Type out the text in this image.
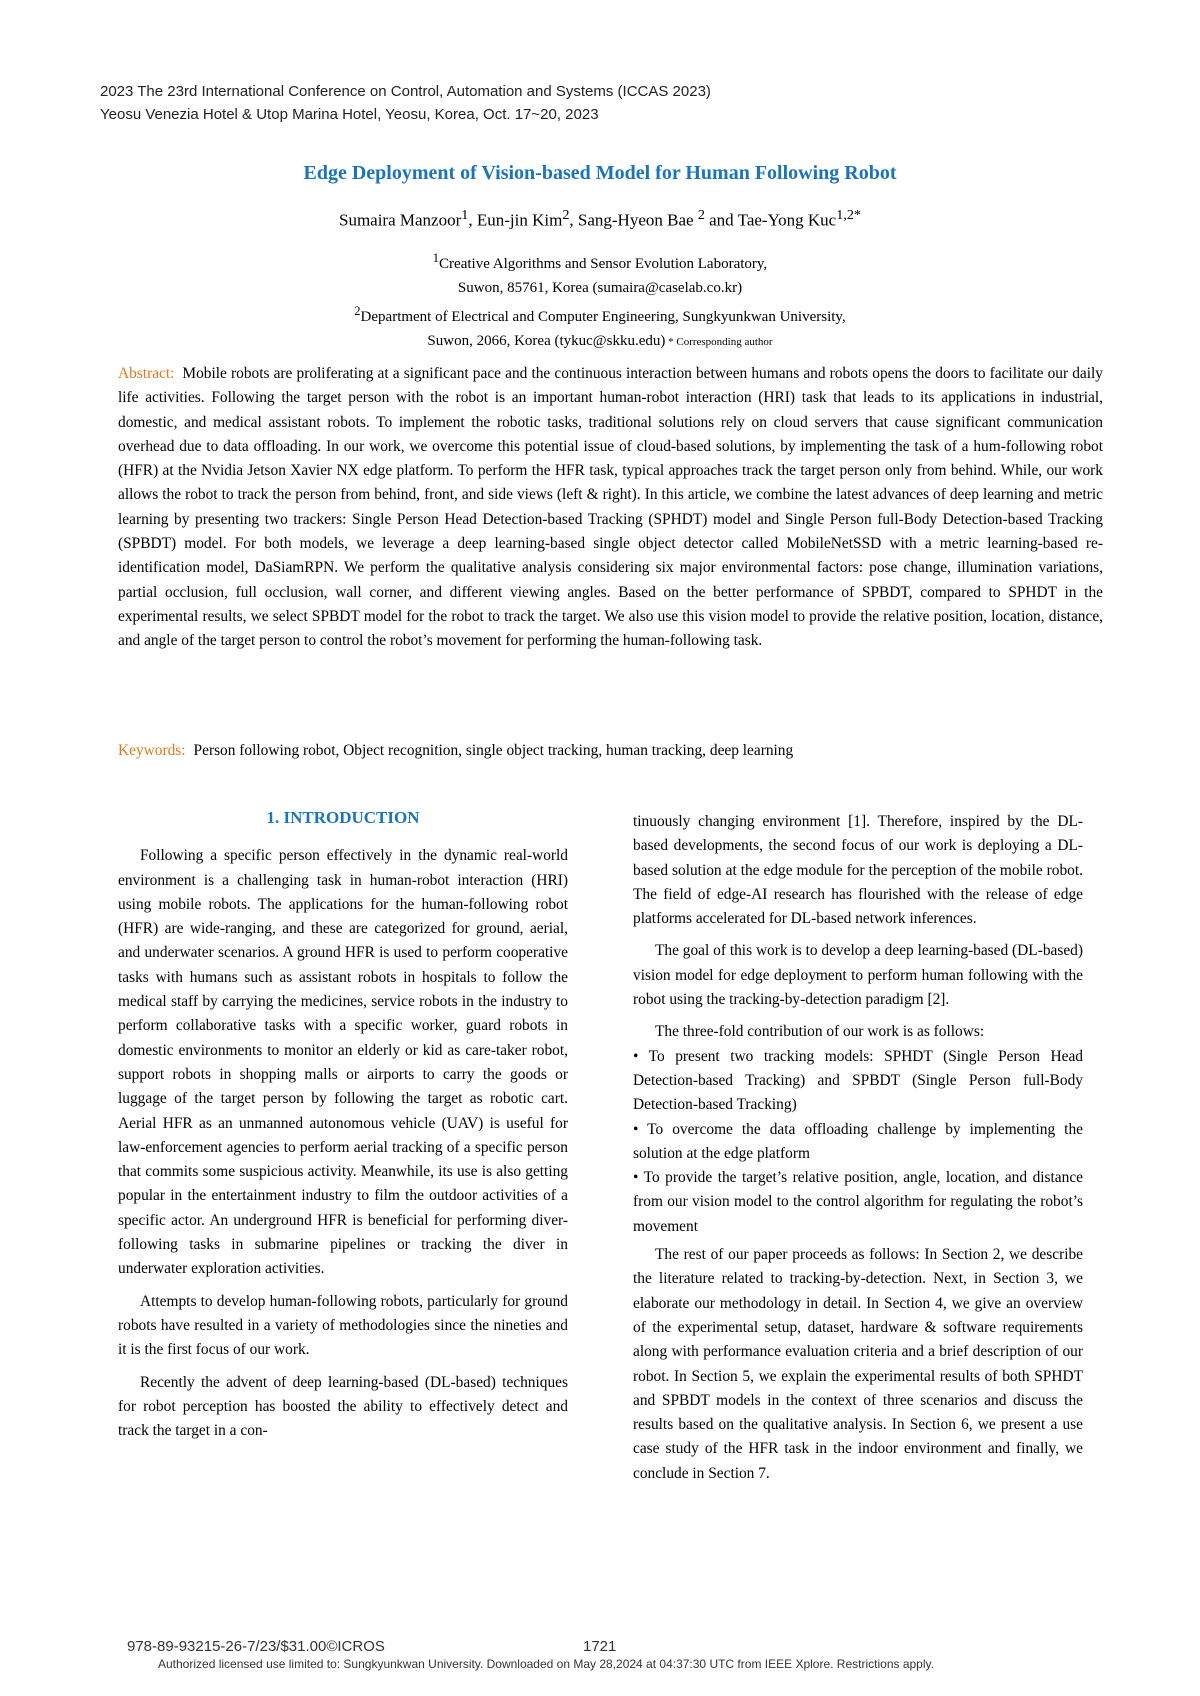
2023 The 23rd International Conference on Control, Automation and Systems (ICCAS 2023)
Yeosu Venezia Hotel & Utop Marina Hotel, Yeosu, Korea, Oct. 17~20, 2023
Edge Deployment of Vision-based Model for Human Following Robot
Sumaira Manzoor$^1$, Eun-jin Kim$^2$, Sang-Hyeon Bae $^2$ and Tae-Yong Kuc$^{1,2*}$
$^1$Creative Algorithms and Sensor Evolution Laboratory,
Suwon, 85761, Korea (sumaira@caselab.co.kr)
$^2$Department of Electrical and Computer Engineering, Sungkyunkwan University,
Suwon, 2066, Korea (tykuc@skku.edu) * Corresponding author
Abstract: Mobile robots are proliferating at a significant pace and the continuous interaction between humans and robots opens the doors to facilitate our daily life activities. Following the target person with the robot is an important human-robot interaction (HRI) task that leads to its applications in industrial, domestic, and medical assistant robots. To implement the robotic tasks, traditional solutions rely on cloud servers that cause significant communication overhead due to data offloading. In our work, we overcome this potential issue of cloud-based solutions, by implementing the task of a hum-following robot (HFR) at the Nvidia Jetson Xavier NX edge platform. To perform the HFR task, typical approaches track the target person only from behind. While, our work allows the robot to track the person from behind, front, and side views (left & right). In this article, we combine the latest advances of deep learning and metric learning by presenting two trackers: Single Person Head Detection-based Tracking (SPHDT) model and Single Person full-Body Detection-based Tracking (SPBDT) model. For both models, we leverage a deep learning-based single object detector called MobileNetSSD with a metric learning-based re-identification model, DaSiamRPN. We perform the qualitative analysis considering six major environmental factors: pose change, illumination variations, partial occlusion, full occlusion, wall corner, and different viewing angles. Based on the better performance of SPBDT, compared to SPHDT in the experimental results, we select SPBDT model for the robot to track the target. We also use this vision model to provide the relative position, location, distance, and angle of the target person to control the robot’s movement for performing the human-following task.
Keywords: Person following robot, Object recognition, single object tracking, human tracking, deep learning
1. INTRODUCTION

Following a specific person effectively in the dynamic real-world environment is a challenging task in human-robot interaction (HRI) using mobile robots. The applications for the human-following robot (HFR) are wide-ranging, and these are categorized for ground, aerial, and underwater scenarios. A ground HFR is used to perform cooperative tasks with humans such as assistant robots in hospitals to follow the medical staff by carrying the medicines, service robots in the industry to perform collaborative tasks with a specific worker, guard robots in domestic environments to monitor an elderly or kid as care-taker robot, support robots in shopping malls or airports to carry the goods or luggage of the target person by following the target as robotic cart. Aerial HFR as an unmanned autonomous vehicle (UAV) is useful for law-enforcement agencies to perform aerial tracking of a specific person that commits some suspicious activity. Meanwhile, its use is also getting popular in the entertainment industry to film the outdoor activities of a specific actor. An underground HFR is beneficial for performing diver-following tasks in submarine pipelines or tracking the diver in underwater exploration activities.

Attempts to develop human-following robots, particularly for ground robots have resulted in a variety of methodologies since the nineties and it is the first focus of our work.

Recently the advent of deep learning-based (DL-based) techniques for robot perception has boosted the ability to effectively detect and track the target in a con-

tinuously changing environment [1]. Therefore, inspired by the DL-based developments, the second focus of our work is deploying a DL-based solution at the edge module for the perception of the mobile robot. The field of edge-AI research has flourished with the release of edge platforms accelerated for DL-based network inferences.

The goal of this work is to develop a deep learning-based (DL-based) vision model for edge deployment to perform human following with the robot using the tracking-by-detection paradigm [2].

The three-fold contribution of our work is as follows:

• To present two tracking models: SPHDT (Single Person Head Detection-based Tracking) and SPBDT (Single Person full-Body Detection-based Tracking)
• To overcome the data offloading challenge by implementing the solution at the edge platform
• To provide the target’s relative position, angle, location, and distance from our vision model to the control algorithm for regulating the robot’s movement

The rest of our paper proceeds as follows: In Section 2, we describe the literature related to tracking-by-detection. Next, in Section 3, we elaborate our methodology in detail. In Section 4, we give an overview of the experimental setup, dataset, hardware & software requirements along with performance evaluation criteria and a brief description of our robot. In Section 5, we explain the experimental results of both SPHDT and SPBDT models in the context of three scenarios and discuss the results based on the qualitative analysis. In Section 6, we present a use case study of the HFR task in the indoor environment and finally, we conclude in Section 7.

978-89-93215-26-7/23/$31.00©ICROS	1721
Authorized licensed use limited to: Sungkyunkwan University. Downloaded on May 28,2024 at 04:37:30 UTC from IEEE Xplore. Restrictions apply.
